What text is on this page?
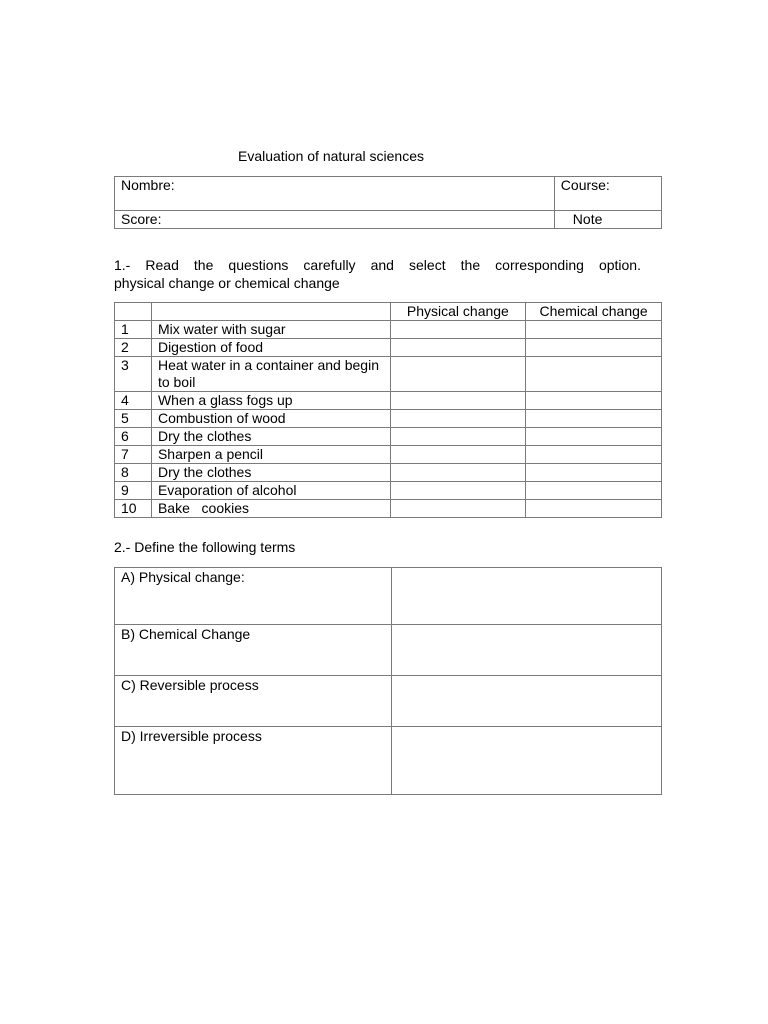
Evaluation of natural sciences
Nombre:	Course:
Score:	Note
1.- Read the questions carefully and select the corresponding option.
physical change or chemical change
		Physical change	Chemical change
1	Mix water with sugar		
2	Digestion of food		
3	Heat water in a container and begin to boil		
4	When a glass fogs up		
5	Combustion of wood		
6	Dry the clothes		
7	Sharpen a pencil		
8	Dry the clothes		
9	Evaporation of alcohol		
10	Bake   cookies		
2.- Define the following terms
A) Physical change:	
B) Chemical Change	
C) Reversible process	
D) Irreversible process	
